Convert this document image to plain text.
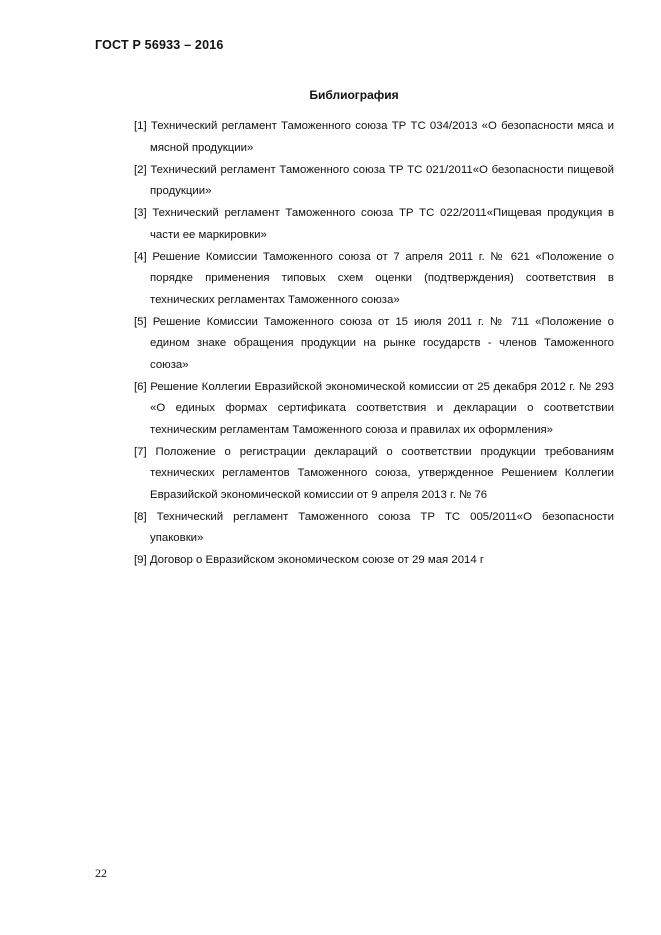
ГОСТ Р 56933 – 2016
Библиография
[1] Технический регламент Таможенного союза ТР ТС 034/2013 «О безопасности мяса и мясной продукции»
[2] Технический регламент Таможенного союза ТР ТС 021/2011«О безопасности пищевой продукции»
[3] Технический регламент Таможенного союза ТР ТС 022/2011«Пищевая продукция в части ее маркировки»
[4] Решение Комиссии Таможенного союза от 7 апреля 2011 г. № 621 «Положение о порядке применения типовых схем оценки (подтверждения) соответствия в технических регламентах Таможенного союза»
[5] Решение Комиссии Таможенного союза от 15 июля 2011 г. № 711 «Положение о едином знаке обращения продукции на рынке государств - членов Таможенного союза»
[6] Решение Коллегии Евразийской экономической комиссии от 25 декабря 2012 г. № 293 «О единых формах сертификата соответствия и декларации о соответствии техническим регламентам Таможенного союза и правилах их оформления»
[7] Положение о регистрации деклараций о соответствии продукции требованиям технических регламентов Таможенного союза, утвержденное Решением Коллегии Евразийской экономической комиссии от 9 апреля 2013 г. № 76
[8] Технический регламент Таможенного союза ТР ТС 005/2011«О безопасности упаковки»
[9] Договор о Евразийском экономическом союзе от 29 мая 2014 г
22
